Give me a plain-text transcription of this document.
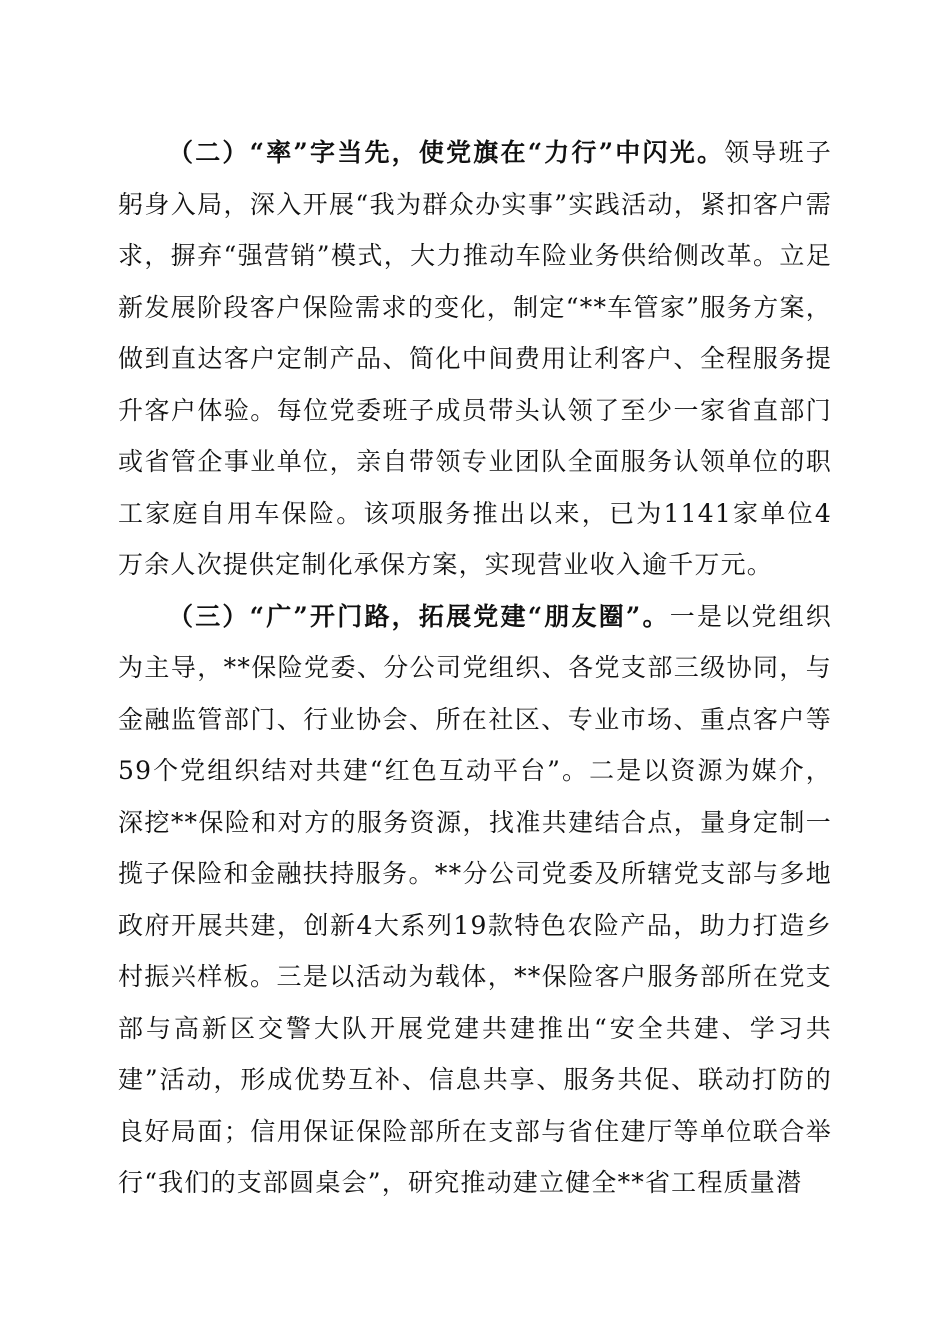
（二）“率”字当先，使党旗在“力行”中闪光。领导班子躬身入局，深入开展“我为群众办实事”实践活动，紧扣客户需求，摒弃“强营销”模式，大力推动车险业务供给侧改革。立足新发展阶段客户保险需求的变化，制定“**车管家”服务方案，做到直达客户定制产品、简化中间费用让利客户、全程服务提升客户体验。每位党委班子成员带头认领了至少一家省直部门或省管企事业单位，亲自带领专业团队全面服务认领单位的职工家庭自用车保险。该项服务推出以来，已为1141家单位4万余人次提供定制化承保方案，实现营业收入逾千万元。

（三）“广”开门路，拓展党建“朋友圈”。一是以党组织为主导，**保险党委、分公司党组织、各党支部三级协同，与金融监管部门、行业协会、所在社区、专业市场、重点客户等59个党组织结对共建“红色互动平台”。二是以资源为媒介，深挖**保险和对方的服务资源，找准共建结合点，量身定制一揽子保险和金融扶持服务。**分公司党委及所辖党支部与多地政府开展共建，创新4大系列19款特色农险产品，助力打造乡村振兴样板。三是以活动为载体，**保险客户服务部所在党支部与高新区交警大队开展党建共建推出“安全共建、学习共建”活动，形成优势互补、信息共享、服务共促、联动打防的良好局面；信用保证保险部所在支部与省住建厅等单位联合举行“我们的支部圆桌会”，研究推动建立健全**省工程质量潜
